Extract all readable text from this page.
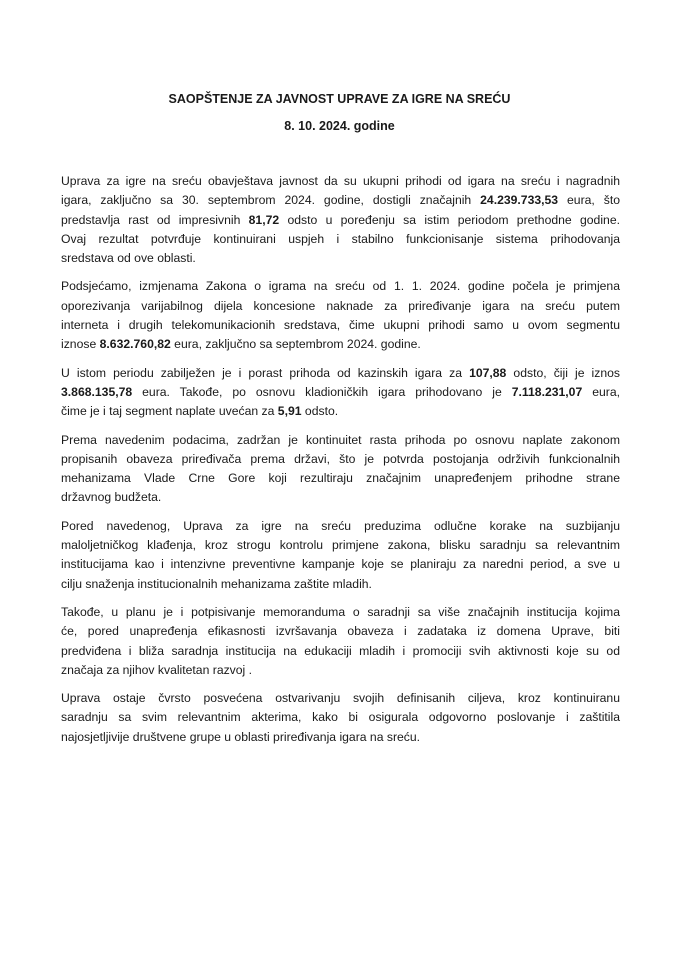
SAOPŠTENJE ZA JAVNOST UPRAVE ZA IGRE NA SREĆU
8. 10. 2024. godine
Uprava za igre na sreću obavještava javnost da su ukupni prihodi od igara na sreću i nagradnih
igara, zaključno sa 30. septembrom 2024. godine, dostigli značajnih 24.239.733,53 eura, što
predstavlja rast od impresivnih 81,72 odsto u poređenju sa istim periodom prethodne godine.
Ovaj rezultat potvrđuje kontinuirani uspjeh i stabilno funkcionisanje sistema prihodovanja
sredstava od ove oblasti.
Podsjećamo, izmjenama Zakona o igrama na sreću od 1. 1. 2024. godine počela je primjena
oporezivanja varijabilnog dijela koncesione naknade za priređivanje igara na sreću putem
interneta i drugih telekomunikacionih sredstava, čime ukupni prihodi samo u ovom segmentu
iznose 8.632.760,82 eura, zaključno sa septembrom 2024. godine.
U istom periodu zabilježen je i porast prihoda od kazinskih igara za 107,88 odsto, čiji je iznos
3.868.135,78 eura. Takođe, po osnovu kladioničkih igara prihodovano je 7.118.231,07 eura,
čime je i taj segment naplate uvećan za 5,91 odsto.
Prema navedenim podacima, zadržan je kontinuitet rasta prihoda po osnovu naplate zakonom
propisanih obaveza priređivača prema državi, što je potvrda postojanja održivih funkcionalnih
mehanizama Vlade Crne Gore koji rezultiraju značajnim unapređenjem prihodne strane
državnog budžeta.
Pored navedenog, Uprava za igre na sreću preduzima odlučne korake na suzbijanju
maloljetničkog klađenja, kroz strogu kontrolu primjene zakona, blisku saradnju sa relevantnim
institucijama kao i intenzivne preventivne kampanje koje se planiraju za naredni period, a sve u
cilju snaženja institucionalnih mehanizama zaštite mladih.
Takođe, u planu je i potpisivanje memoranduma o saradnji sa više značajnih institucija kojima
će, pored unapređenja efikasnosti izvršavanja obaveza i zadataka iz domena Uprave, biti
predviđena i bliža saradnja institucija na edukaciji mladih i promociji svih aktivnosti koje su od
značaja za njihov kvalitetan razvoj .
Uprava ostaje čvrsto posvećena ostvarivanju svojih definisanih ciljeva, kroz kontinuiranu
saradnju sa svim relevantnim akterima, kako bi osigurala odgovorno poslovanje i zaštitila
najosjetljivije društvene grupe u oblasti priređivanja igara na sreću.
